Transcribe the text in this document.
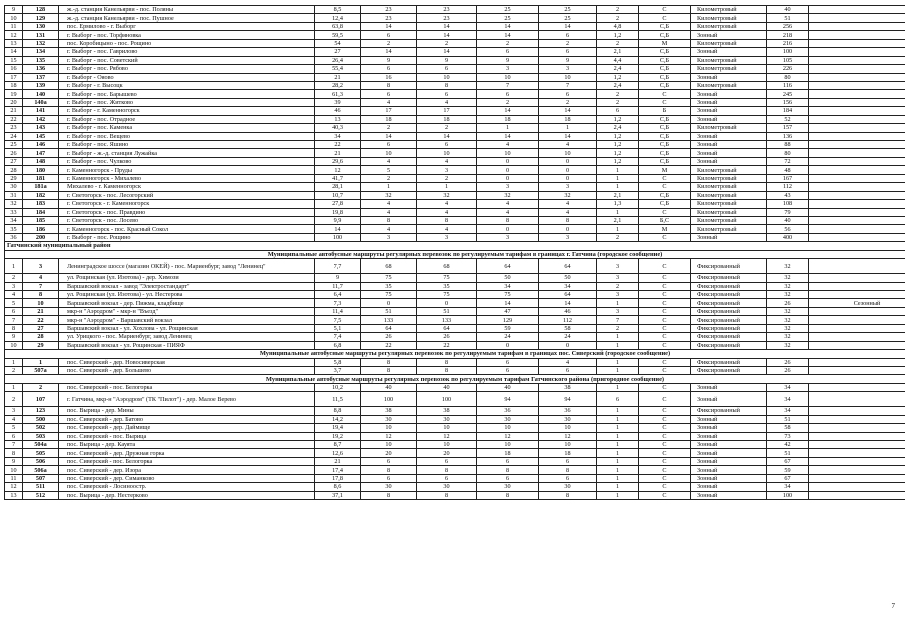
9	128	ж.-д. станция Канельярви - пос. Поляны	8,5	23	23	25	25	2	С	Километровый	40	
10	129	ж.-д. станция Канельярви - пос. Пушное	12,4	23	23	25	25	2	С	Километровый	51	
11	130	пос. Ермилово - г. Выборг	63,8	14	14	14	14	4,8	С,Б	Километровый	256	
12	131	г. Выборг - пос. Торфяновка	59,5	6	14	14	6	1,2	С,Б	Зонный	218	
13	132	пос. Коробицыно - пос. Рощино	54	2	2	2	2	2	М	Километровый	216	
14	134	г. Выборг - пос. Гаврилово	27	14	14	6	6	2,1	С,Б	Зонный	100	
15	135	г. Выборг - пос. Советский	26,4	9	9	9	9	4,4	С,Б	Километровый	105	
16	136	г. Выборг - пос. Рябово	55,4	6	6	3	3	2,4	С,Б	Километровый	226	
17	137	г. Выборг - Ояово	21	16	10	10	10	1,2	С,Б	Зонный	80	
18	139	г. Выборг - г. Высоцк	28,2	8	8	7	7	2,4	С,Б	Километровый	116	
19	140	г. Выборг - пос. Барышево	61,3	6	6	6	6	2	С	Зонный	245	
20	140а	г. Выборг - пос. Житково	39	4	4	2	2	2	С	Зонный	156	
21	141	г. Выборг - г. Каменногорск	46	17	17	14	14	6	Б	Зонный	184	
22	142	г. Выборг - пос. Отрадное	13	18	18	18	18	1,2	С,Б	Зонный	52	
23	143	г. Выборг - пос. Каменка	40,3	2	2	1	1	2,4	С,Б	Километровый	157	
24	145	г. Выборг - пос. Вещево	34	14	14	14	14	1,2	С,Б	Зонный	136	
25	146	г. Выборг - пос. Яшино	22	6	6	4	4	1,2	С,Б	Зонный	88	
26	147	г. Выборг - ж.-д. станция Лужайка	21	10	10	10	10	1,2	С,Б	Зонный	80	
27	148	г. Выборг - пос. Чулково	29,6	4	4	0	0	1,2	С,Б	Зонный	72	
28	180	г. Каменногорск - Пруды	12	5	3	0	0	1	М	Километровый	48	
29	181	г. Каменногорск - Михалево	41,7	2	2	0	0	1	С	Километровый	167	
30	181а	Михалево - г. Каменногорск	28,1	1	1	3	3	1	С	Километровый	112	
31	182	г. Светогорск - пос. Лесогорский	10,7	32	32	32	32	2,1	С,Б	Километровый	43	
32	183	г. Светогорск - г. Каменногорск	27,8	4	4	4	4	1,3	С,Б	Километровый	108	
33	184	г. Светогорск - пос. Правдино	19,8	4	4	4	4	1	С	Километровый	79	
34	185	г. Светогорск - пос. Лосево	9,9	8	8	8	8	2,1	Б,С	Километровый	40	
35	186	г. Каменногорск - пос. Красный Сокол	14	4	4	0	0	1	М	Километровый	56	
36	200	г. Выборг - пос. Рощино	100	3	3	3	3	2	С	Зонный	400	
Гатчинский муниципальный район												
Муниципальные автобусные маршруты регулярных перевозок по регулируемым тарифам в границах г. Гатчина (городское сообщение)												
1	3	Ленинградское шоссе (магазин ОКЕЙ) - пос. Мариенбург, завод "Ленинец"	7,7	68	68	64	64	3	С	Фиксированный	32	
2	4	ул. Рощинская (ул. Изотова) - дер. Химози	9	75	75	50	50	3	С	Фиксированный	32	
3	7	Варшавский вокзал - завод "Электростандарт"	11,7	35	35	34	34	2	С	Фиксированный	32	
4	8	ул. Рощинская (ул. Изотова) - ул. Нестерова	6,4	75	75	75	64	3	С	Фиксированный	32	
5	10	Варшавский вокзал - дер. Пижма, кладбище	7,3	0	0	14	14	1	С	Фиксированный	26	Сезонный
6	21	мкр-н "Аэродром" - мкр-н "Въезд"	11,4	51	51	47	46	3	С	Фиксированный	32	
7	22	мкр-н "Аэродром" - Варшавский вокзал	7,5	133	133	129	112	7	С	Фиксированный	32	
8	27	Варшавский вокзал - ул. Хохлова - ул. Рощинская	5,1	64	64	59	58	2	С	Фиксированный	32	
9	28	ул. Урицкого - пос. Мариенбург, завод Ленинец	7,4	26	26	24	24	1	С	Фиксированный	32	
10	29	Варшавский вокзал - ул. Рощинская - ПИЯФ	6,8	22	22	0	0	1	С	Фиксированный	32	
Муниципальные автобусные маршруты регулярных перевозок по регулируемым тарифам в границах пос. Сиверский (городское сообщение)												
1	1	пос. Сиверский - дер. Новосиверская	5,8	8	8	6	4	1	С	Фиксированный	26	
2	507а	пос. Сиверский - дер. Большево	3,7	8	8	6	6	1	С	Фиксированный	26	
Муниципальные автобусные маршруты регулярных перевозок по регулируемым тарифам Гатчинского района (пригородное сообщение)												
1	2	пос. Сиверский - пос. Белогорка	10,2	40	40	40	38	1	С	Зонный	34	
2	107	г. Гатчина, мкр-н "Аэродром" (ТК "Пилот") - дер. Малое Верево	11,5	100	100	94	94	6	С	Зонный	34	
3	123	пос. Вырица - дер. Мины	8,8	38	38	36	36	1	С	Фиксированный	34	
4	500	пос. Сиверский - дер. Батово	14,2	30	30	30	30	1	С	Зонный	51	
5	502	пос. Сиверский - дер. Даймище	19,4	10	10	10	10	1	С	Зонный	58	
6	503	пос. Сиверский - пос. Вырица	19,2	12	12	12	12	1	С	Зонный	73	
7	504а	пос. Вырица - дер. Кауята	8,7	10	10	10	10	1	С	Зонный	42	
8	505	пос. Сиверский - дер. Дружная горка	12,6	20	20	18	18	1	С	Зонный	51	
9	506	пос. Сиверский - пос. Белогорка	21	6	6	6	6	1	С	Зонный	67	
10	506а	пос. Сиверский - дер. Изора	17,4	8	8	8	8	1	С	Зонный	59	
11	507	пос. Сиверский - дер. Симанково	17,8	6	6	6	6	1	С	Зонный	67	
12	511	пос. Сиверский - Лосиноостр.	8,6	30	30	30	30	1	С	Зонный	34	
13	512	пос. Вырица - дер. Нестерково	37,1	8	8	8	8	1	С	Зонный	100	
7
